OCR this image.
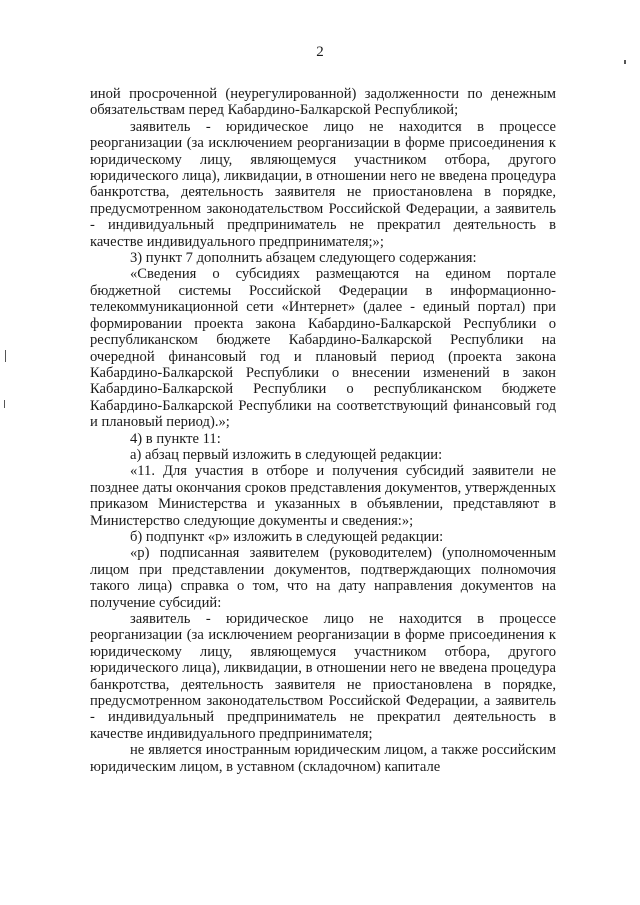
2

иной просроченной (неурегулированной) задолженности по денежным обязательствам перед Кабардино-Балкарской Республикой;

заявитель - юридическое лицо не находится в процессе реорганизации (за исключением реорганизации в форме присоединения к юридическому лицу, являющемуся участником отбора, другого юридического лица), ликвидации, в отношении него не введена процедура банкротства, деятельность заявителя не приостановлена в порядке, предусмотренном законодательством Российской Федерации, а заявитель - индивидуальный предприниматель не прекратил деятельность в качестве индивидуального предпринимателя;»;

3) пункт 7 дополнить абзацем следующего содержания:

«Сведения о субсидиях размещаются на едином портале бюджетной системы Российской Федерации в информационно-телекоммуникационной сети «Интернет» (далее - единый портал) при формировании проекта закона Кабардино-Балкарской Республики о республиканском бюджете Кабардино-Балкарской Республики на очередной финансовый год и плановый период (проекта закона Кабардино-Балкарской Республики о внесении изменений в закон Кабардино-Балкарской Республики о республиканском бюджете Кабардино-Балкарской Республики на соответствующий финансовый год и плановый период).»;

4) в пункте 11:

а) абзац первый изложить в следующей редакции:

«11. Для участия в отборе и получения субсидий заявители не позднее даты окончания сроков представления документов, утвержденных приказом Министерства и указанных в объявлении, представляют в Министерство следующие документы и сведения:»;

б) подпункт «р» изложить в следующей редакции:

«р) подписанная заявителем (руководителем) (уполномоченным лицом при представлении документов, подтверждающих полномочия такого лица) справка о том, что на дату направления документов на получение субсидий:

заявитель - юридическое лицо не находится в процессе реорганизации (за исключением реорганизации в форме присоединения к юридическому лицу, являющемуся участником отбора, другого юридического лица), ликвидации, в отношении него не введена процедура банкротства, деятельность заявителя не приостановлена в порядке, предусмотренном законодательством Российской Федерации, а заявитель - индивидуальный предприниматель не прекратил деятельность в качестве индивидуального предпринимателя;

не является иностранным юридическим лицом, а также российским юридическим лицом, в уставном (складочном) капитале
